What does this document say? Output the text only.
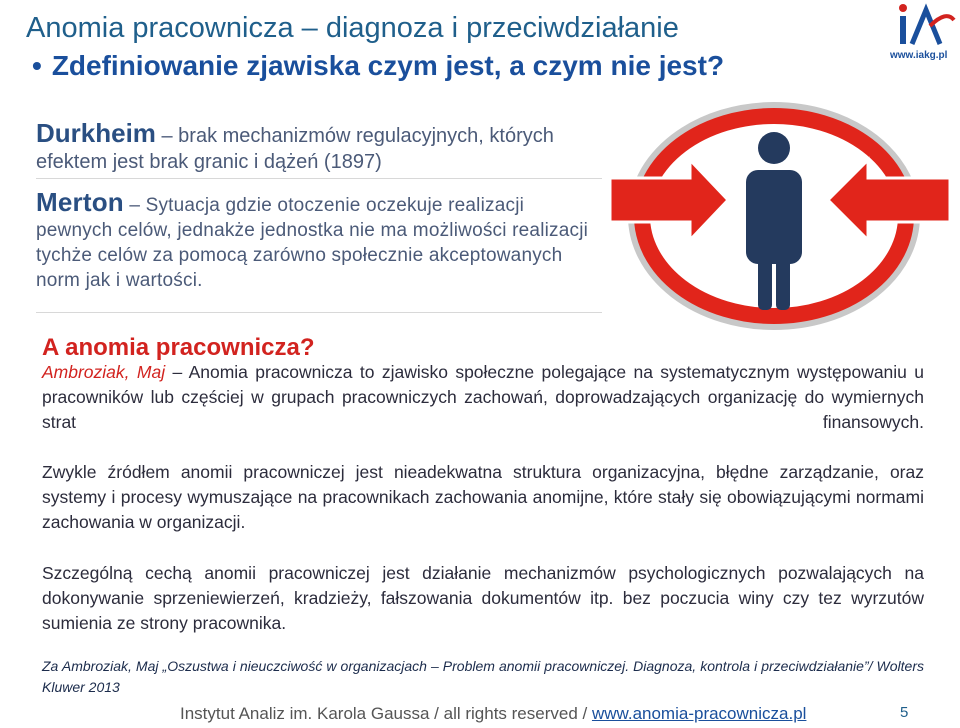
Anomia pracownicza – diagnoza i przeciwdziałanie
• Zdefiniowanie zjawiska czym jest, a czym nie jest?	www.iakg.pl
Durkheim – brak mechanizmów regulacyjnych, których efektem jest brak granic i dążeń (1897)
Merton – Sytuacja gdzie otoczenie oczekuje realizacji pewnych celów, jednakże jednostka nie ma możliwości realizacji tychże celów za pomocą zarówno społecznie akceptowanych norm jak i wartości.
A anomia pracownicza?
Ambroziak, Maj – Anomia pracownicza to zjawisko społeczne polegające na systematycznym występowaniu u pracowników lub częściej w grupach pracowniczych zachowań, doprowadzających organizację do wymiernych strat finansowych.
Zwykle źródłem anomii pracowniczej jest nieadekwatna struktura organizacyjna, błędne zarządzanie, oraz systemy i procesy wymuszające na pracownikach zachowania anomijne, które stały się obowiązującymi normami zachowania w organizacji.
Szczególną cechą anomii pracowniczej jest działanie mechanizmów psychologicznych pozwalających na dokonywanie sprzeniewierzeń, kradzieży, fałszowania dokumentów itp. bez poczucia winy czy tez wyrzutów sumienia ze strony pracownika.
Za Ambroziak, Maj „Oszustwa i nieuczciwość w organizacjach – Problem anomii pracowniczej. Diagnoza, kontrola i przeciwdziałanie”/ Wolters Kluwer 2013
Instytut Analiz im. Karola Gaussa / all rights reserved / www.anomia-pracownicza.pl	5
